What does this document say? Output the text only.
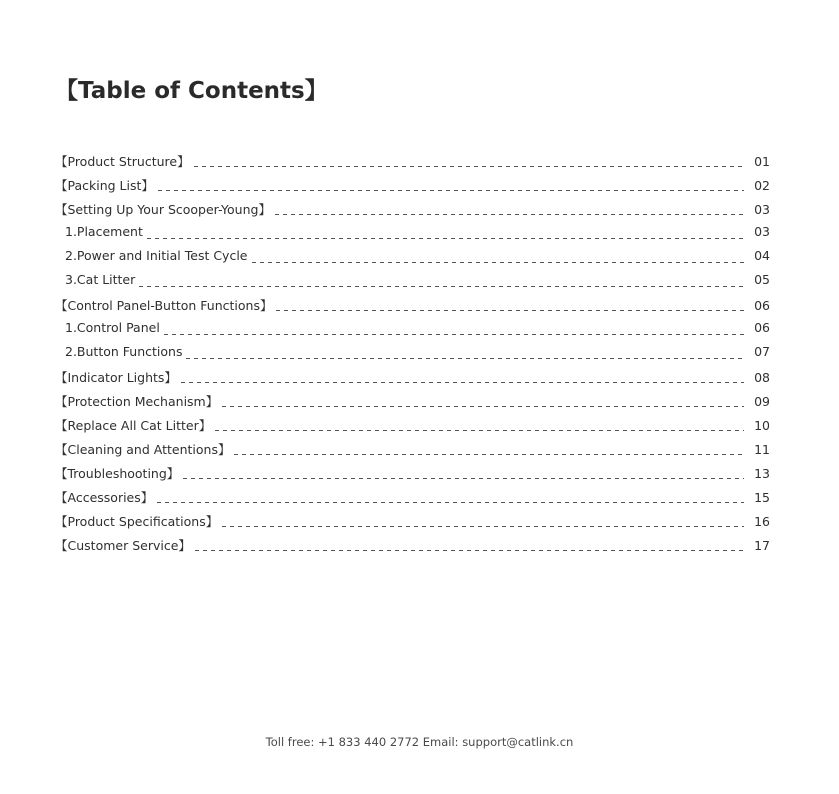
【Table of Contents】
【Product Structure】	01
【Packing List】	02
【Setting Up Your Scooper-Young】	03
1.Placement	03
2.Power and Initial Test Cycle	04
3.Cat Litter	05
【Control Panel-Button Functions】	06
1.Control Panel	06
2.Button Functions	07
【Indicator Lights】	08
【Protection Mechanism】	09
【Replace All Cat Litter】	10
【Cleaning and Attentions】	11
【Troubleshooting】	13
【Accessories】	15
【Product Specifications】	16
【Customer Service】	17
Toll free: +1 833 440 2772 Email: support@catlink.cn
